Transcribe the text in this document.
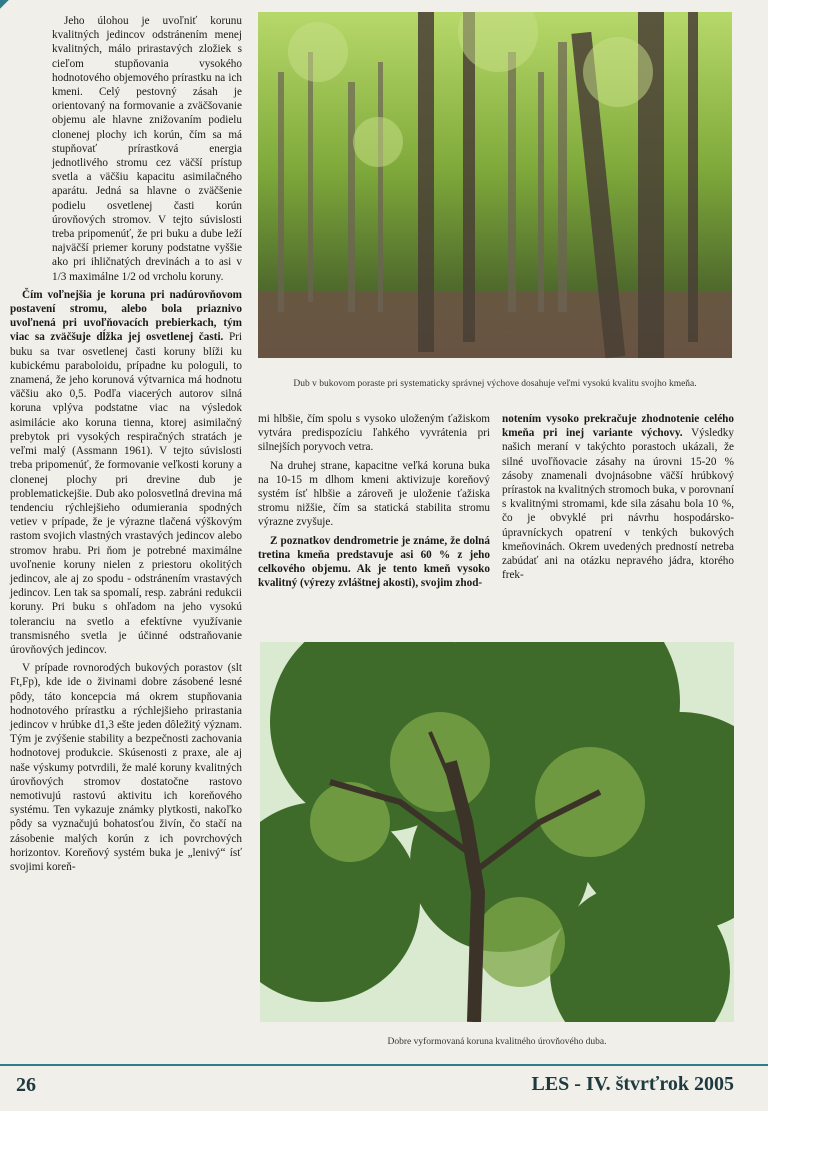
Jeho úlohou je uvoľniť korunu kvalitných jedincov odstránením menej kvalitných, málo prirastavých zložiek s cieľom stupňovania vysokého hodnotového objemového prírastku na ich kmeni. Celý pestovný zásah je orientovaný na formovanie a zväčšovanie objemu ale hlavne znižovaním podielu clonenej plochy ich korún, čím sa má stupňovať prírastková energia jednotlivého stromu cez väčší prístup svetla a väčšiu kapacitu asimilačného aparátu. Jedná sa hlavne o zväčšenie podielu osvetlenej časti korún úrovňových stromov. V tejto súvislosti treba pripomenúť, že pri buku a dube leží najväčší priemer koruny podstatne vyššie ako pri ihličnatých drevinách a to asi v 1/3 maximálne 1/2 od vrcholu koruny.

Čím voľnejšia je koruna pri nadúrovňovom postavení stromu, alebo bola priaznivo uvoľnená pri uvoľňovacích prebierkach, tým viac sa zväčšuje dĺžka jej osvetlenej časti. Pri buku sa tvar osvetlenej časti koruny blíži ku kubickému paraboloidu, prípadne ku pologuli, to znamená, že jeho korunová výtvarnica má hodnotu väčšiu ako 0,5. Podľa viacerých autorov silná koruna vplýva podstatne viac na výsledok asimilácie ako koruna tienna, ktorej asimilačný prebytok pri vysokých respiračných stratách je veľmi malý (Assmann 1961). V tejto súvislosti treba pripomenúť, že formovanie veľkosti koruny a clonenej plochy pri drevine dub je problematickejšie. Dub ako polosvetlná drevina má tendenciu rýchlejšieho odumierania spodných vetiev v prípade, že je výrazne tlačená výškovým rastom svojich vlastných vrastavých jedincov alebo stromov hrabu. Pri ňom je potrebné maximálne uvoľnenie koruny nielen z priestoru okolitých jedincov, ale aj zo spodu - odstránením vrastavých jedincov. Len tak sa spomalí, resp. zabráni redukcii koruny. Pri buku s ohľadom na jeho vysokú toleranciu na svetlo a efektívne využívanie transmisného svetla je účinné odstraňovanie úrovňových jedincov.

V prípade rovnorodých bukových porastov (slt Ft,Fp), kde ide o živinami dobre zásobené lesné pôdy, táto koncepcia má okrem stupňovania hodnotového prírastku a rýchlejšieho prirastania jedincov v hrúbke d1,3 ešte jeden dôležitý význam. Tým je zvýšenie stability a bezpečnosti zachovania hodnotovej produkcie. Skúsenosti z praxe, ale aj naše výskumy potvrdili, že malé koruny kvalitných úrovňových stromov dostatočne rastovo nemotivujú rastovú aktivitu ich koreňového systému. Ten vykazuje známky plytkosti, nakoľko pôdy sa vyznačujú bohatosťou živín, čo stačí na zásobenie malých korún z ich povrchových horizontov. Koreňový systém buka je „lenivý“ ísť svojimi koreň-

Dub v bukovom poraste pri systematicky správnej výchove dosahuje veľmi vysokú kvalitu svojho kmeňa.

mi hlbšie, čím spolu s vysoko uloženým ťažiskom vytvára predispozíciu ľahkého vyvrátenia pri silnejších poryvoch vetra.

Na druhej strane, kapacitne veľká koruna buka na 10-15 m dlhom kmeni aktivizuje koreňový systém ísť hlbšie a zároveň je uloženie ťažiska stromu nižšie, čím sa statická stabilita stromu výrazne zvyšuje.

Z poznatkov dendrometrie je známe, že dolná tretina kmeňa predstavuje asi 60 % z jeho celkového objemu. Ak je tento kmeň vysoko kvalitný (výrezy zvláštnej akosti), svojim zhod-

notením vysoko prekračuje zhodnotenie celého kmeňa pri inej variante výchovy. Výsledky našich meraní v takýchto porastoch ukázali, že silné uvoľňovacie zásahy na úrovni 15-20 % zásoby znamenali dvojnásobne väčší hrúbkový prírastok na kvalitných stromoch buka, v porovnaní s kvalitnými stromami, kde sila zásahu bola 10 %, čo je obvyklé pri návrhu hospodársko-úpravníckych opatrení v tenkých bukových kmeňovinách. Okrem uvedených predností netreba zabúdať ani na otázku nepravého jádra, ktorého frek-

Dobre vyformovaná koruna kvalitného úrovňového duba.
26	LES - IV. štvrťrok 2005
